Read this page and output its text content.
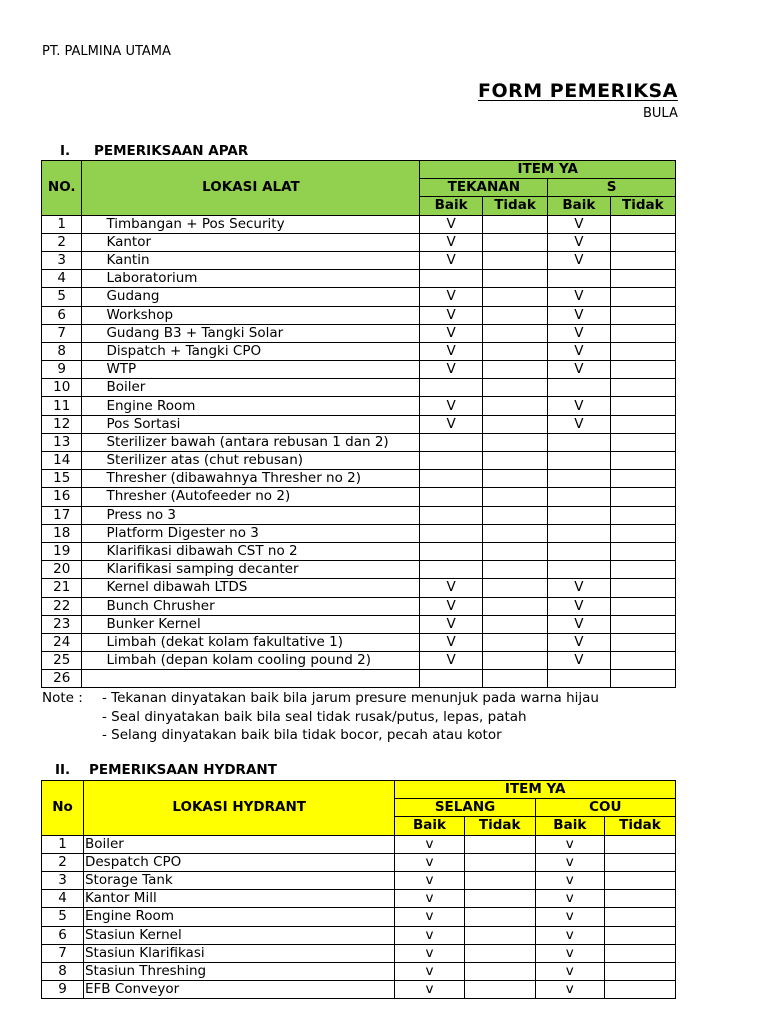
PT. PALMINA UTAMA
FORM PEMERIKSA
BULA
I. PEMERIKSAAN APAR
NO.	LOKASI ALAT	ITEM YA			
		TEKANAN		S	
		Baik	Tidak	Baik	Tidak
1	Timbangan + Pos Security	V		V	
2	Kantor	V		V	
3	Kantin	V		V	
4	Laboratorium				
5	Gudang	V		V	
6	Workshop	V		V	
7	Gudang B3 + Tangki Solar	V		V	
8	Dispatch + Tangki CPO	V		V	
9	WTP	V		V	
10	Boiler				
11	Engine Room	V		V	
12	Pos Sortasi	V		V	
13	Sterilizer bawah (antara rebusan 1 dan 2)				
14	Sterilizer atas (chut rebusan)				
15	Thresher (dibawahnya Thresher no 2)				
16	Thresher (Autofeeder no 2)				
17	Press no 3				
18	Platform Digester no 3				
19	Klarifikasi dibawah CST no 2				
20	Klarifikasi samping decanter				
21	Kernel dibawah LTDS	V		V	
22	Bunch Chrusher	V		V	
23	Bunker Kernel	V		V	
24	Limbah (dekat kolam fakultative 1)	V		V	
25	Limbah (depan kolam cooling pound 2)	V		V	
26					
Note : - Tekanan dinyatakan baik bila jarum presure menunjuk pada warna hijau
- Seal dinyatakan baik bila seal tidak rusak/putus, lepas, patah
- Selang dinyatakan baik bila tidak bocor, pecah atau kotor
II. PEMERIKSAAN HYDRANT
No	LOKASI HYDRANT	ITEM YA			
		SELANG		COU	
		Baik	Tidak	Baik	Tidak
1	Boiler	v		v	
2	Despatch CPO	v		v	
3	Storage Tank	v		v	
4	Kantor Mill	v		v	
5	Engine Room	v		v	
6	Stasiun Kernel	v		v	
7	Stasiun Klarifikasi	v		v	
8	Stasiun Threshing	v		v	
9	EFB Conveyor	v		v	
